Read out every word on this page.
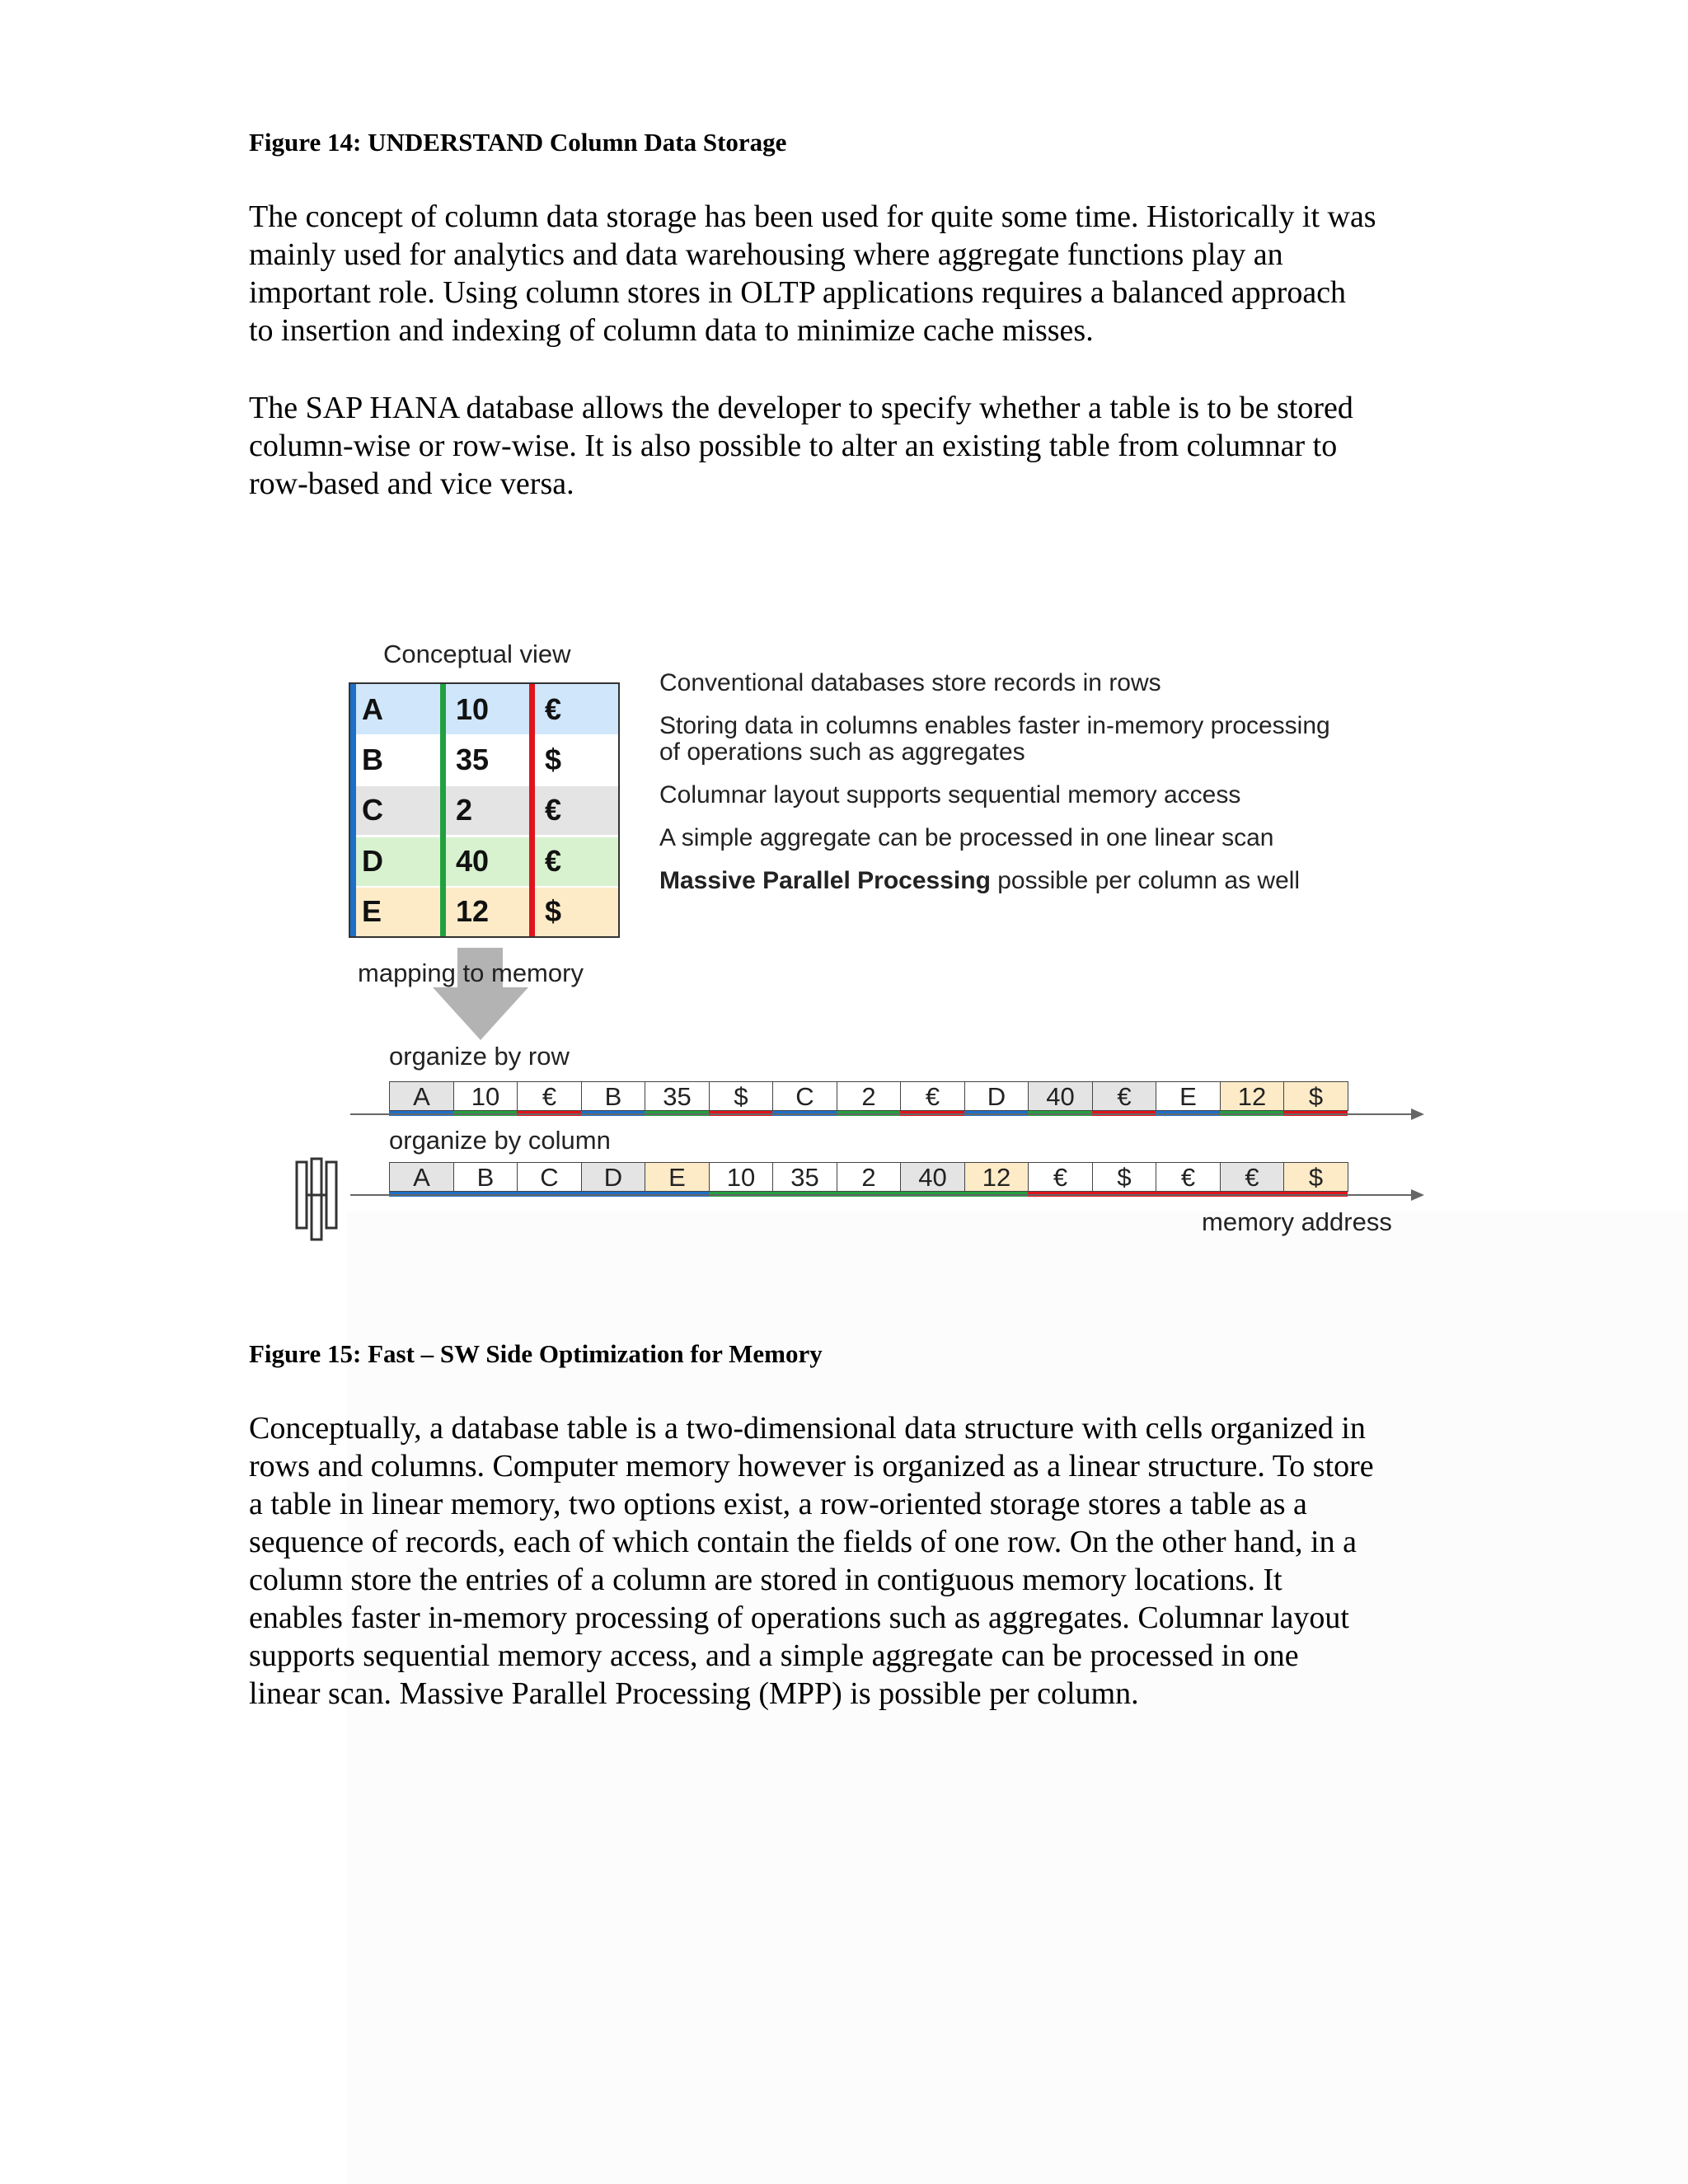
Figure 14: UNDERSTAND Column Data Storage

The concept of column data storage has been used for quite some time. Historically it was
mainly used for analytics and data warehousing where aggregate functions play an
important role. Using column stores in OLTP applications requires a balanced approach
to insertion and indexing of column data to minimize cache misses.

The SAP HANA database allows the developer to specify whether a table is to be stored
column-wise or row-wise. It is also possible to alter an existing table from columnar to
row-based and vice versa.

Conceptual view
A	10	€
B	35	$
C	2	€
D	40	€
E	12	$
Conventional databases store records in rows
Storing data in columns enables faster in-memory processing
of operations such as aggregates
Columnar layout supports sequential memory access
A simple aggregate can be processed in one linear scan
Massive Parallel Processing possible per column as well
mapping to memory
organize by row
A	10	€	B	35	$	C	2	€	D	40	€	E	12	$
organize by column
A	B	C	D	E	10	35	2	40	12	€	$	€	€	$
memory address
Figure 15: Fast – SW Side Optimization for Memory

Conceptually, a database table is a two-dimensional data structure with cells organized in
rows and columns. Computer memory however is organized as a linear structure. To store
a table in linear memory, two options exist, a row-oriented storage stores a table as a
sequence of records, each of which contain the fields of one row. On the other hand, in a
column store the entries of a column are stored in contiguous memory locations. It
enables faster in-memory processing of operations such as aggregates. Columnar layout
supports sequential memory access, and a simple aggregate can be processed in one
linear scan. Massive Parallel Processing (MPP) is possible per column.
